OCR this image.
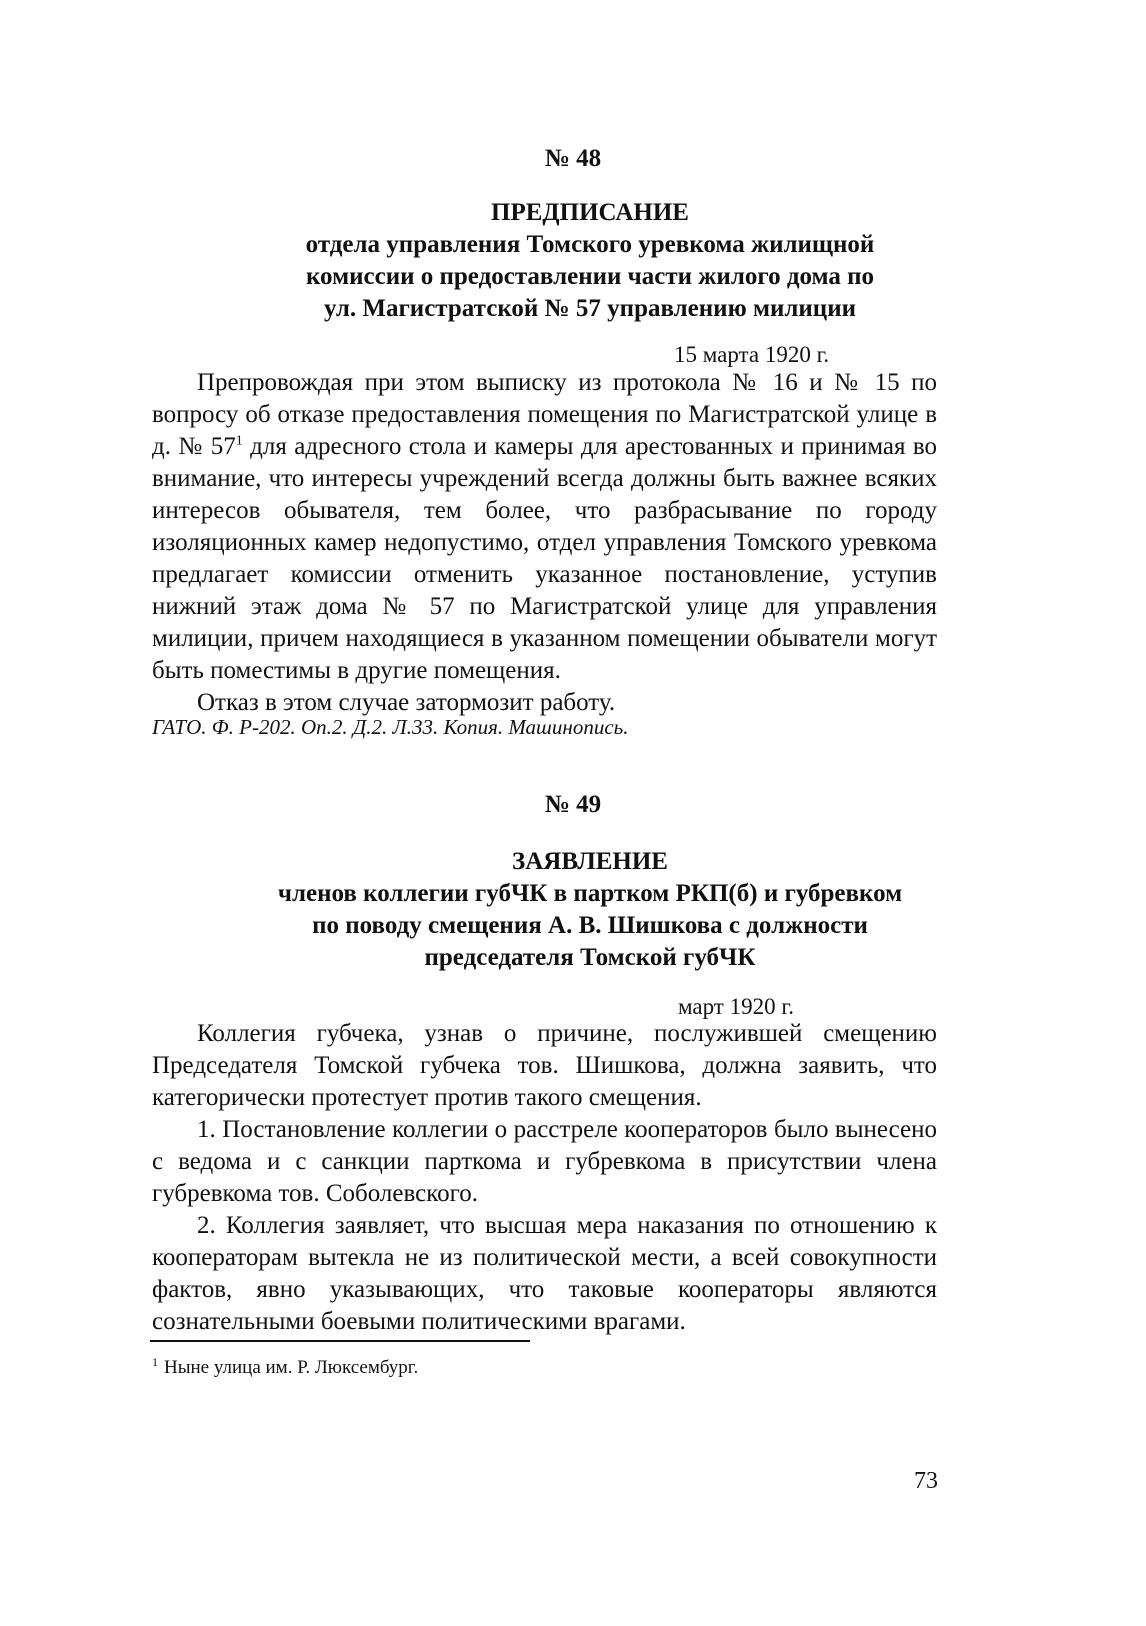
№ 48
ПРЕДПИСАНИЕ
отдела управления Томского уревкома жилищной
комиссии о предоставлении части жилого дома по
ул. Магистратской № 57 управлению милиции
15 марта 1920 г.

Препровождая при этом выписку из протокола № 16 и № 15 по вопросу об отказе предоставления помещения по Магистратской улице в д. № 57$^1$ для адресного стола и камеры для арестованных и принимая во внимание, что интересы учреждений всегда должны быть важнее всяких интересов обывателя, тем более, что разбрасывание по городу изоляционных камер недопустимо, отдел управления Томского уревкома предлагает комиссии отменить указанное постановление, уступив нижний этаж дома № 57 по Магистратской улице для управления милиции, причем находящиеся в указанном помещении обыватели могут быть поместимы в другие помещения.

Отказ в этом случае затормозит работу.

ГАТО. Ф. Р-202. Оп.2. Д.2. Л.33. Копия. Машинопись.
№ 49
ЗАЯВЛЕНИЕ
членов коллегии губЧК в партком РКП(б) и губревком
по поводу смещения А. В. Шишкова с должности
председателя Томской губЧК
март 1920 г.

Коллегия губчека, узнав о причине, послужившей смещению Председателя Томской губчека тов. Шишкова, должна заявить, что категорически протестует против такого смещения.

1. Постановление коллегии о расстреле кооператоров было вынесено с ведома и с санкции парткома и губревкома в присутствии члена губревкома тов. Соболевского.

2. Коллегия заявляет, что высшая мера наказания по отношению к кооператорам вытекла не из политической мести, а всей совокупности фактов, явно указывающих, что таковые кооператоры являются сознательными боевыми политическими врагами.

$^1$ Ныне улица им. Р. Люксембург.
73
